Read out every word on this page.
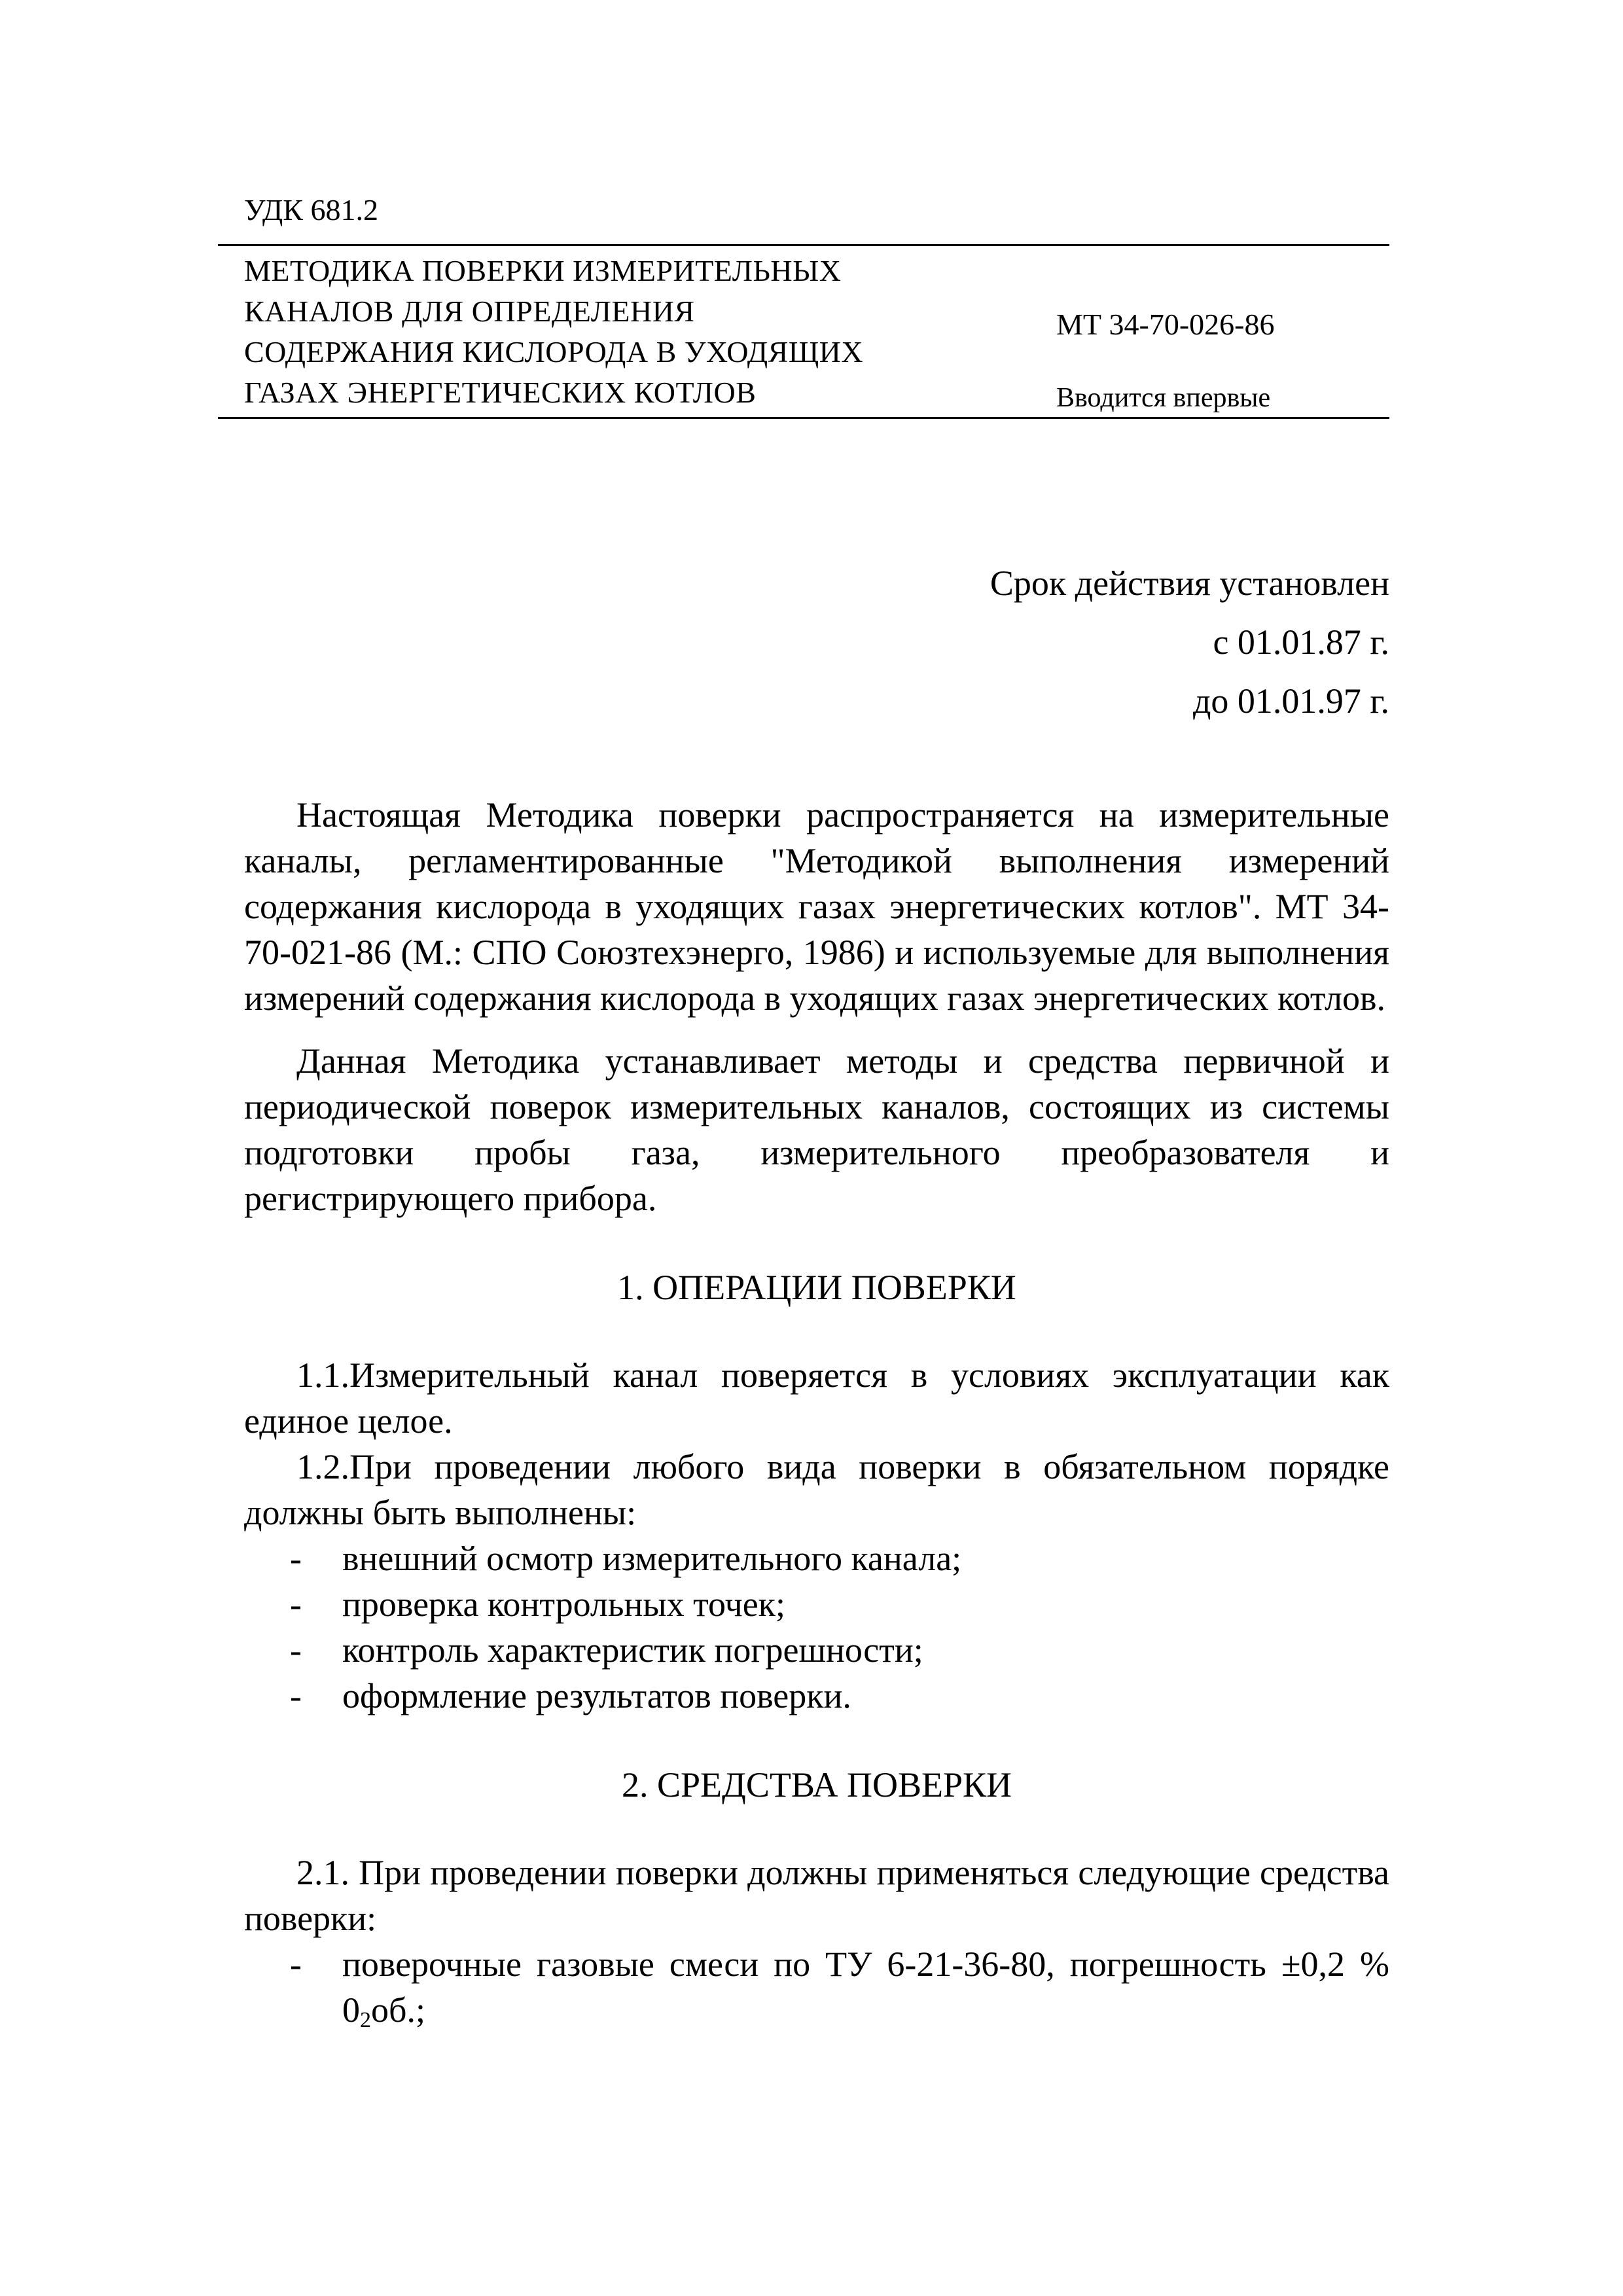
УДК 681.2
МЕТОДИКА ПОВЕРКИ ИЗМЕРИТЕЛЬНЫХ
КАНАЛОВ ДЛЯ ОПРЕДЕЛЕНИЯ
СОДЕРЖАНИЯ КИСЛОРОДА В УХОДЯЩИХ
ГАЗАХ ЭНЕРГЕТИЧЕСКИХ КОТЛОВ
МТ 34-70-026-86
Вводится впервые
Срок действия установлен
с 01.01.87 г.
до 01.01.97 г.

Настоящая Методика поверки распространяется на измерительные каналы, регламентированные "Методикой выполнения измерений содержания кислорода в уходящих газах энергетических котлов". МТ 34-70-021-86 (М.: СПО Союзтехэнерго, 1986) и используемые для выполнения измерений содержания кислорода в уходящих газах энергетических котлов.

Данная Методика устанавливает методы и средства первичной и периодической поверок измерительных каналов, состоящих из системы подготовки пробы газа, измерительного преобразователя и регистрирующего прибора.

1. ОПЕРАЦИИ ПОВЕРКИ

1.1.Измерительный канал поверяется в условиях эксплуатации как единое целое.

1.2.При проведении любого вида поверки в обязательном порядке должны быть выполнены:

- внешний осмотр измерительного канала;

- проверка контрольных точек;

- контроль характеристик погрешности;

- оформление результатов поверки.

2. СРЕДСТВА ПОВЕРКИ

2.1. При проведении поверки должны применяться следующие средства поверки:

- поверочные газовые смеси по ТУ 6-21-36-80, погрешность ±0,2 % $0_2об$.;
